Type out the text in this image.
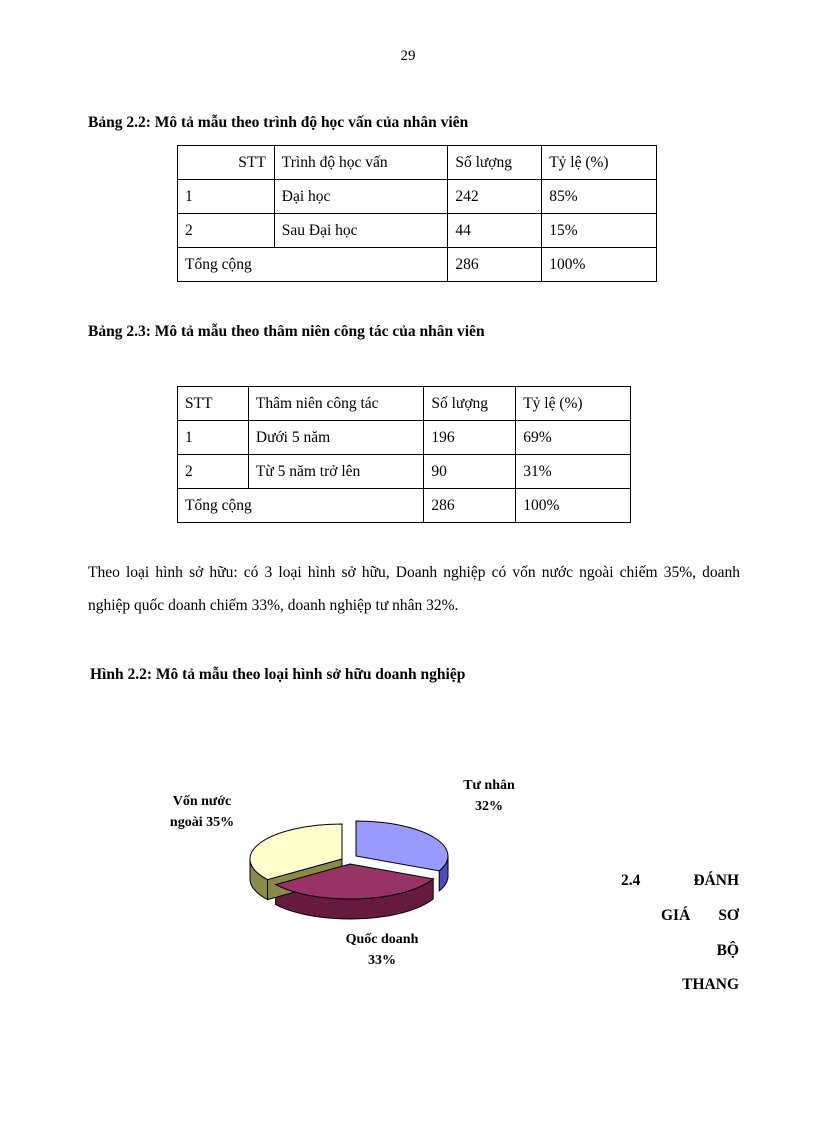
29
Bảng 2.2: Mô tả mẫu theo trình độ học vấn của nhân viên
STT	Trình độ học vấn	Số lượng	Tỷ lệ (%)
1	Đại học	242	85%
2	Sau Đại học	44	15%
Tổng cộng		286	100%
Bảng 2.3: Mô tả mẫu theo thâm niên công tác của nhân viên
STT	Thâm niên công tác	Số lượng	Tỷ lệ (%)
1	Dưới 5 năm	196	69%
2	Từ 5 năm trở lên	90	31%
Tổng cộng		286	100%
Theo loại hình sở hữu: có 3 loại hình sở hữu, Doanh nghiệp có vốn nước ngoài chiếm 35%, doanh nghiệp quốc doanh chiếm 33%, doanh nghiệp tư nhân 32%.
Hình 2.2: Mô tả mẫu theo loại hình sở hữu doanh nghiệp
Tư nhân
32%
Vốn nước
ngoài 35%
Quốc doanh
33%
2.4	ĐÁNH
GIÁ SƠ
BỘ
THANG
